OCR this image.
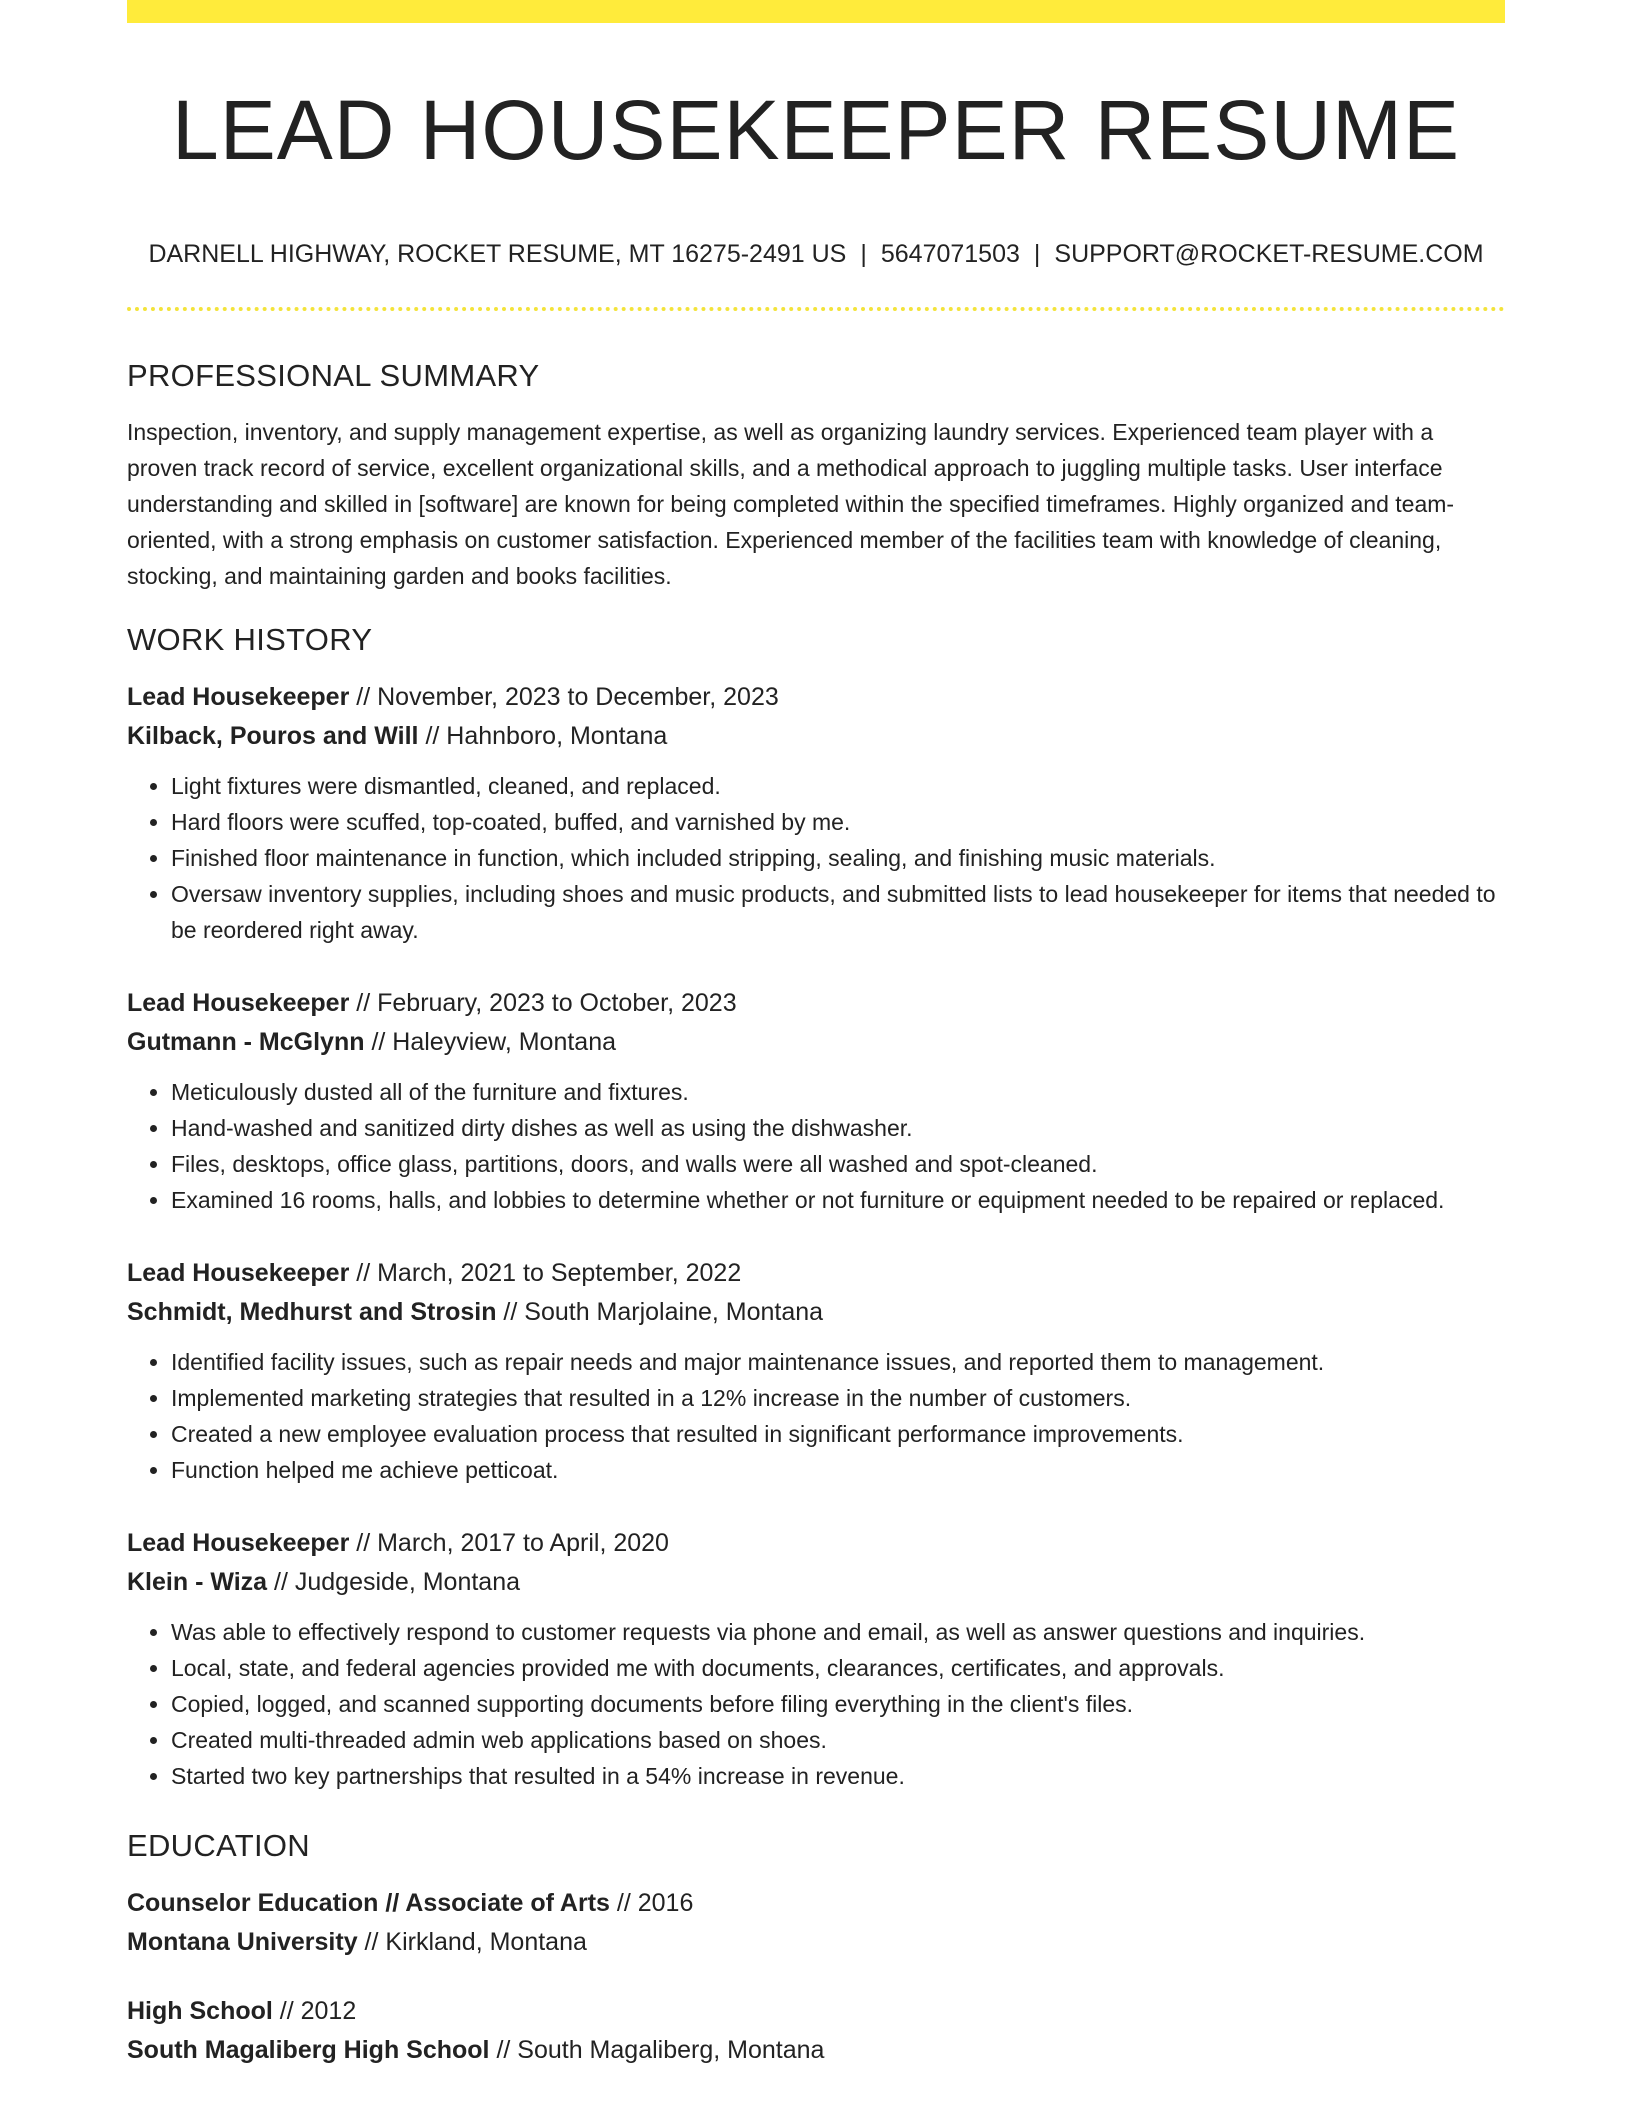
LEAD HOUSEKEEPER RESUME
DARNELL HIGHWAY, ROCKET RESUME, MT 16275-2491 US | 5647071503 | SUPPORT@ROCKET-RESUME.COM
PROFESSIONAL SUMMARY

Inspection, inventory, and supply management expertise, as well as organizing laundry services. Experienced team player with a proven track record of service, excellent organizational skills, and a methodical approach to juggling multiple tasks. User interface understanding and skilled in [software] are known for being completed within the specified timeframes. Highly organized and team-oriented, with a strong emphasis on customer satisfaction. Experienced member of the facilities team with knowledge of cleaning, stocking, and maintaining garden and books facilities.

WORK HISTORY
Lead Housekeeper // November, 2023 to December, 2023
Kilback, Pouros and Will // Hahnboro, Montana
• Light fixtures were dismantled, cleaned, and replaced.
• Hard floors were scuffed, top-coated, buffed, and varnished by me.
• Finished floor maintenance in function, which included stripping, sealing, and finishing music materials.
• Oversaw inventory supplies, including shoes and music products, and submitted lists to lead housekeeper for items that needed to be reordered right away.
Lead Housekeeper // February, 2023 to October, 2023
Gutmann - McGlynn // Haleyview, Montana
• Meticulously dusted all of the furniture and fixtures.
• Hand-washed and sanitized dirty dishes as well as using the dishwasher.
• Files, desktops, office glass, partitions, doors, and walls were all washed and spot-cleaned.
• Examined 16 rooms, halls, and lobbies to determine whether or not furniture or equipment needed to be repaired or replaced.
Lead Housekeeper // March, 2021 to September, 2022
Schmidt, Medhurst and Strosin // South Marjolaine, Montana
• Identified facility issues, such as repair needs and major maintenance issues, and reported them to management.
• Implemented marketing strategies that resulted in a 12% increase in the number of customers.
• Created a new employee evaluation process that resulted in significant performance improvements.
• Function helped me achieve petticoat.
Lead Housekeeper // March, 2017 to April, 2020
Klein - Wiza // Judgeside, Montana
• Was able to effectively respond to customer requests via phone and email, as well as answer questions and inquiries.
• Local, state, and federal agencies provided me with documents, clearances, certificates, and approvals.
• Copied, logged, and scanned supporting documents before filing everything in the client's files.
• Created multi-threaded admin web applications based on shoes.
• Started two key partnerships that resulted in a 54% increase in revenue.
EDUCATION
Counselor Education // Associate of Arts // 2016
Montana University // Kirkland, Montana
High School // 2012
South Magaliberg High School // South Magaliberg, Montana
